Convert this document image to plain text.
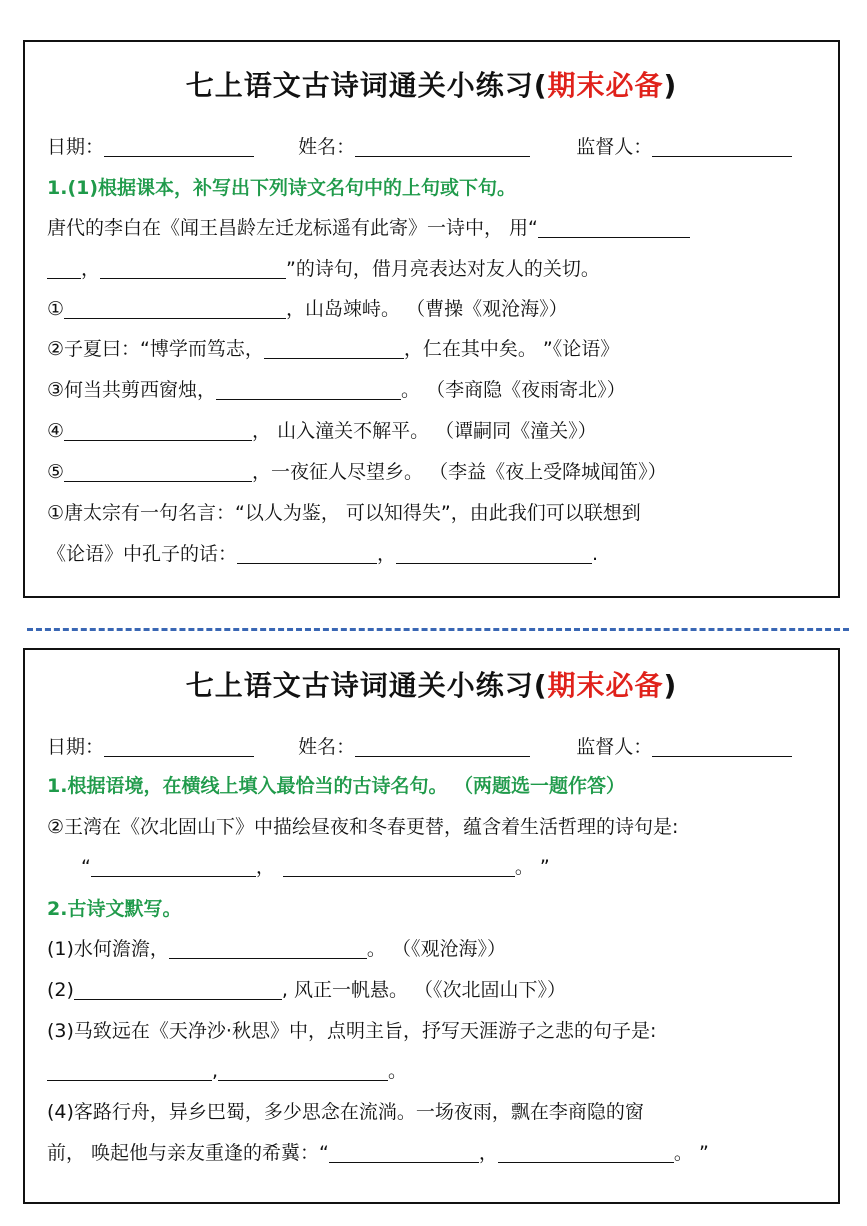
七上语文古诗词通关小练习(期末必备)
日期：	姓名：	监督人：
1.(1)根据课本，补写出下列诗文名句中的上句或下句。
唐代的李白在《闻王昌龄左迁龙标遥有此寄》一诗中， 用“
，	”的诗句，借月亮表达对友人的关切。
①	，山岛竦峙。 （曹操《观沧海》）
②子夏曰：“博学而笃志，	，仁在其中矣。 ”《论语》
③何当共剪西窗烛，	。 （李商隐《夜雨寄北》）
④	， 山入潼关不解平。 （谭嗣同《潼关》）
⑤	，一夜征人尽望乡。 （李益《夜上受降城闻笛》）
①唐太宗有一句名言：“以人为鉴， 可以知得失”，由此我们可以联想到
《论语》中孔子的话：	，	.
七上语文古诗词通关小练习(期末必备)
日期：	姓名：	监督人：
1.根据语境，在横线上填入最恰当的古诗名句。 （两题选一题作答）
②王湾在《次北固山下》中描绘昼夜和冬春更替，蕴含着生活哲理的诗句是:
“	，	。 ”
2.古诗文默写。
(1)水何澹澹，	。 （《观沧海》）
(2)	, 风正一帆悬。 （《次北固山下》）
(3)马致远在《天净沙·秋思》中，点明主旨，抒写天涯游子之悲的句子是:
,	。
(4)客路行舟，异乡巴蜀，多少思念在流淌。一场夜雨，飘在李商隐的窗
前， 唤起他与亲友重逢的希冀：“	，	。 ”
